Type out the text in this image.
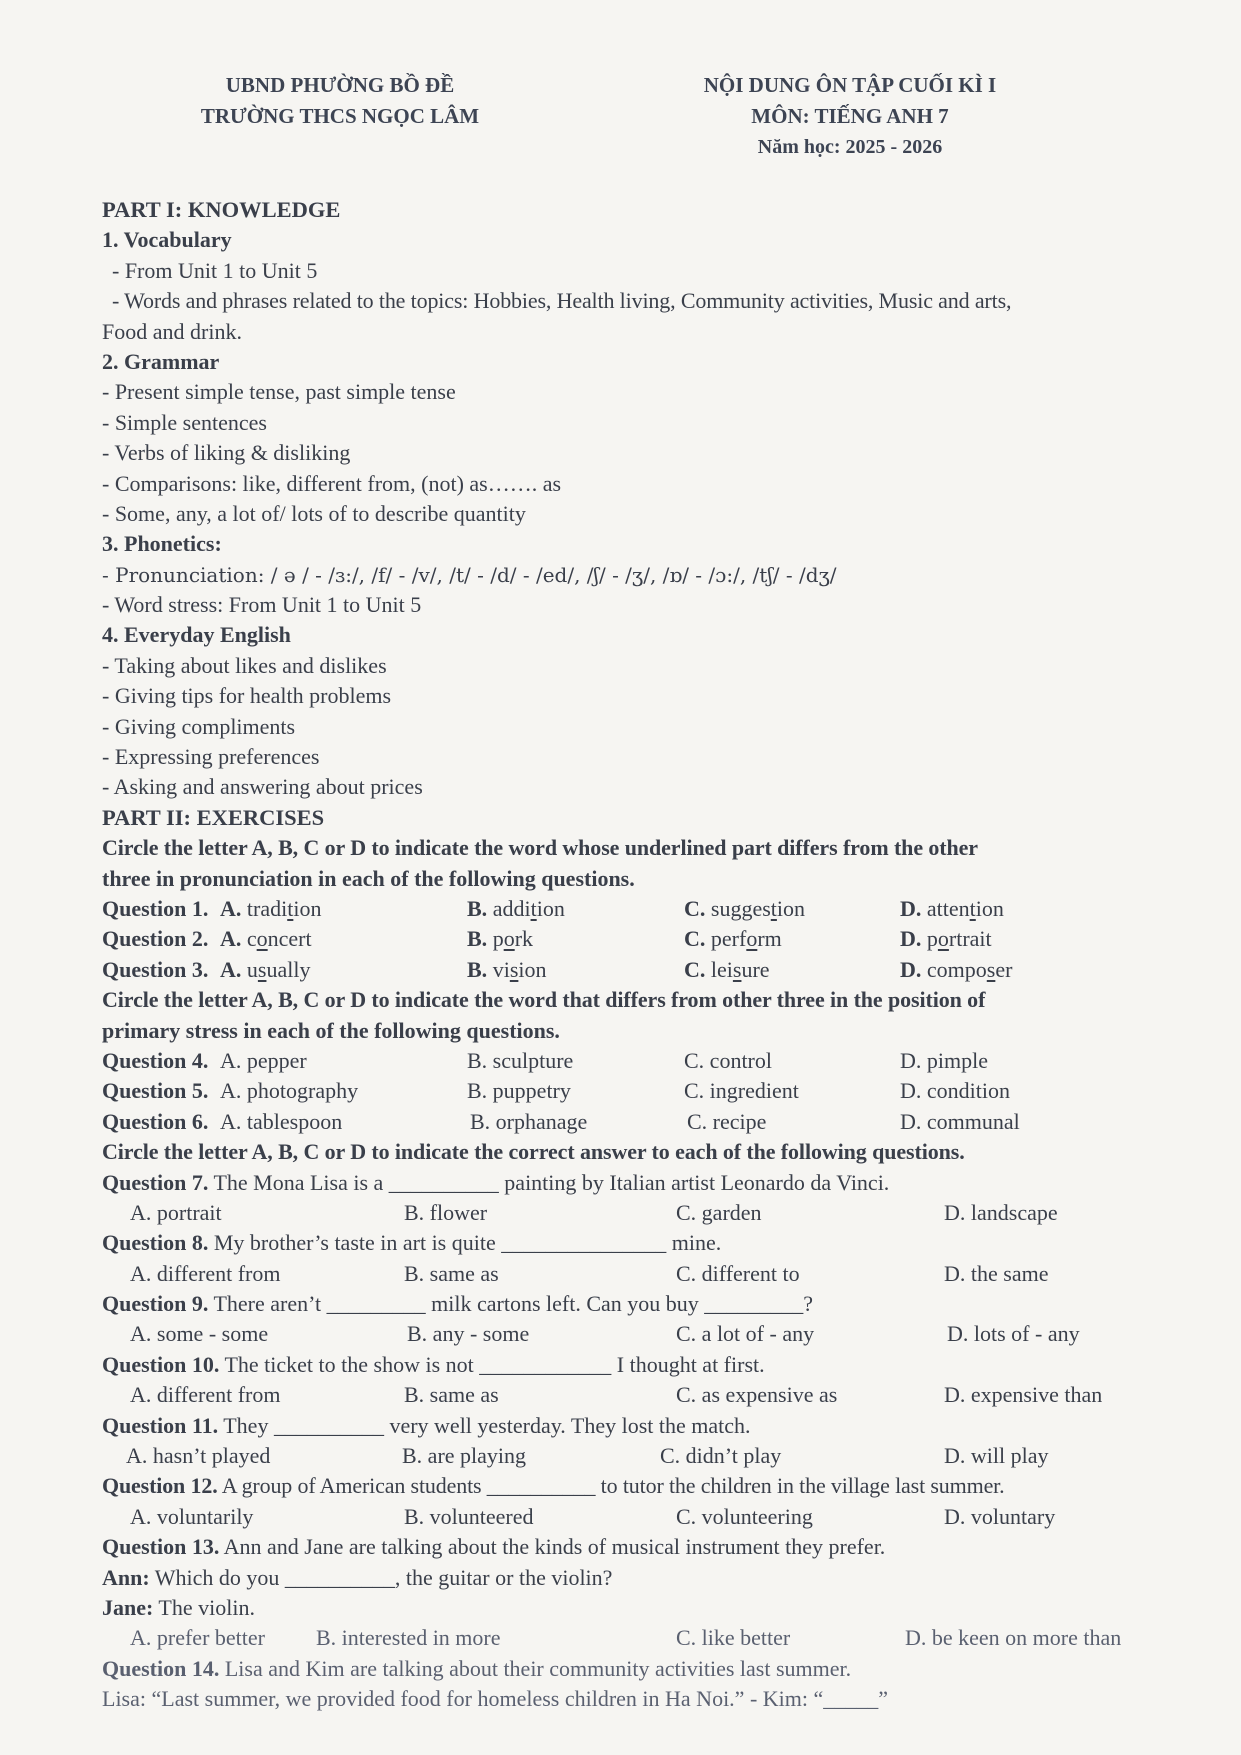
UBND PHƯỜNG BỒ ĐỀ
TRƯỜNG THCS NGỌC LÂM
NỘI DUNG ÔN TẬP CUỐI KÌ I
MÔN: TIẾNG ANH 7
Năm học: 2025 - 2026
PART I: KNOWLEDGE
1. Vocabulary
- From Unit 1 to Unit 5
- Words and phrases related to the topics: Hobbies, Health living, Community activities, Music and arts,
Food and drink.
2. Grammar
- Present simple tense, past simple tense
- Simple sentences
- Verbs of liking & disliking
- Comparisons: like, different from, (not) as……. as
- Some, any, a lot of/ lots of to describe quantity
3. Phonetics:
- Pronunciation: / ə / - /ɜ:/, /f/ - /v/, /t/ - /d/ - /ed/, /ʃ/ - /ʒ/, /ɒ/ - /ɔ:/, /tʃ/ - /dʒ/
- Word stress: From Unit 1 to Unit 5
4. Everyday English
- Taking about likes and dislikes
- Giving tips for health problems
- Giving compliments
- Expressing preferences
- Asking and answering about prices
PART II: EXERCISES
Circle the letter A, B, C or D to indicate the word whose underlined part differs from the other
three in pronunciation in each of the following questions.
Question 1. A. tradition	B. addition	C. suggestion	D. attention
Question 2. A. concert	B. pork	C. perform	D. portrait
Question 3. A. usually	B. vision	C. leisure	D. composer
Circle the letter A, B, C or D to indicate the word that differs from other three in the position of
primary stress in each of the following questions.
Question 4. A. pepper	B. sculpture	C. control	D. pimple
Question 5. A. photography	B. puppetry	C. ingredient	D. condition
Question 6. A. tablespoon	B. orphanage	C. recipe	D. communal
Circle the letter A, B, C or D to indicate the correct answer to each of the following questions.
Question 7. The Mona Lisa is a __________ painting by Italian artist Leonardo da Vinci.
A. portrait	B. flower	C. garden	D. landscape
Question 8. My brother’s taste in art is quite _______________ mine.
A. different from	B. same as	C. different to	D. the same
Question 9. There aren’t _________ milk cartons left. Can you buy _________?
A. some - some	B. any - some	C. a lot of - any	D. lots of - any
Question 10. The ticket to the show is not ____________ I thought at first.
A. different from	B. same as	C. as expensive as	D. expensive than
Question 11. They __________ very well yesterday. They lost the match.
A. hasn’t played	B. are playing	C. didn’t play	D. will play
Question 12. A group of American students __________ to tutor the children in the village last summer.
A. voluntarily	B. volunteered	C. volunteering	D. voluntary
Question 13. Ann and Jane are talking about the kinds of musical instrument they prefer.
Ann: Which do you __________, the guitar or the violin?
Jane: The violin.
A. prefer better B. interested in more	C. like better	D. be keen on more than
Question 14. Lisa and Kim are talking about their community activities last summer.
Lisa: “Last summer, we provided food for homeless children in Ha Noi.” - Kim: “_____”
